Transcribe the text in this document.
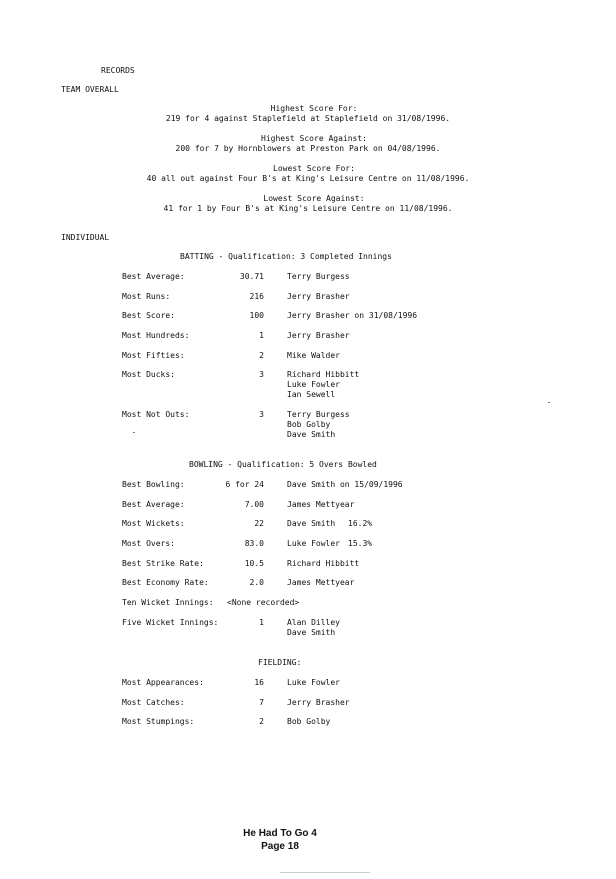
RECORDS
TEAM OVERALL
Highest Score For:
219 for 4 against Staplefield at Staplefield on 31/08/1996.
Highest Score Against:
200 for 7 by Hornblowers at Preston Park on 04/08/1996.
Lowest Score For:
40 all out against Four B's at King's Leisure Centre on 11/08/1996.
Lowest Score Against:
41 for 1 by Four B's at King's Leisure Centre on 11/08/1996.
INDIVIDUAL
BATTING - Qualification: 3 Completed Innings
Best Average:	30.71	Terry Burgess
Most Runs:	216	Jerry Brasher
Best Score:	100	Jerry Brasher on 31/08/1996
Most Hundreds:	1	Jerry Brasher
Most Fifties:	2	Mike Walder
Most Ducks:	3	Richard Hibbitt
Luke Fowler
Ian Sewell
Most Not Outs:	3	Terry Burgess
Bob Golby
Dave Smith
BOWLING - Qualification: 5 Overs Bowled
Best Bowling:	6 for 24	Dave Smith on 15/09/1996
Best Average:	7.00	James Mettyear
Most Wickets:	22	Dave Smith 16.2%
Most Overs:	83.0	Luke Fowler 15.3%
Best Strike Rate:	10.5	Richard Hibbitt
Best Economy Rate:	2.0	James Mettyear
Ten Wicket Innings: <None recorded>
Five Wicket Innings:	1	Alan Dilley
Dave Smith
FIELDING:
Most Appearances:	16	Luke Fowler
Most Catches:	7	Jerry Brasher
Most Stumpings:	2	Bob Golby
He Had To Go 4
Page 18
